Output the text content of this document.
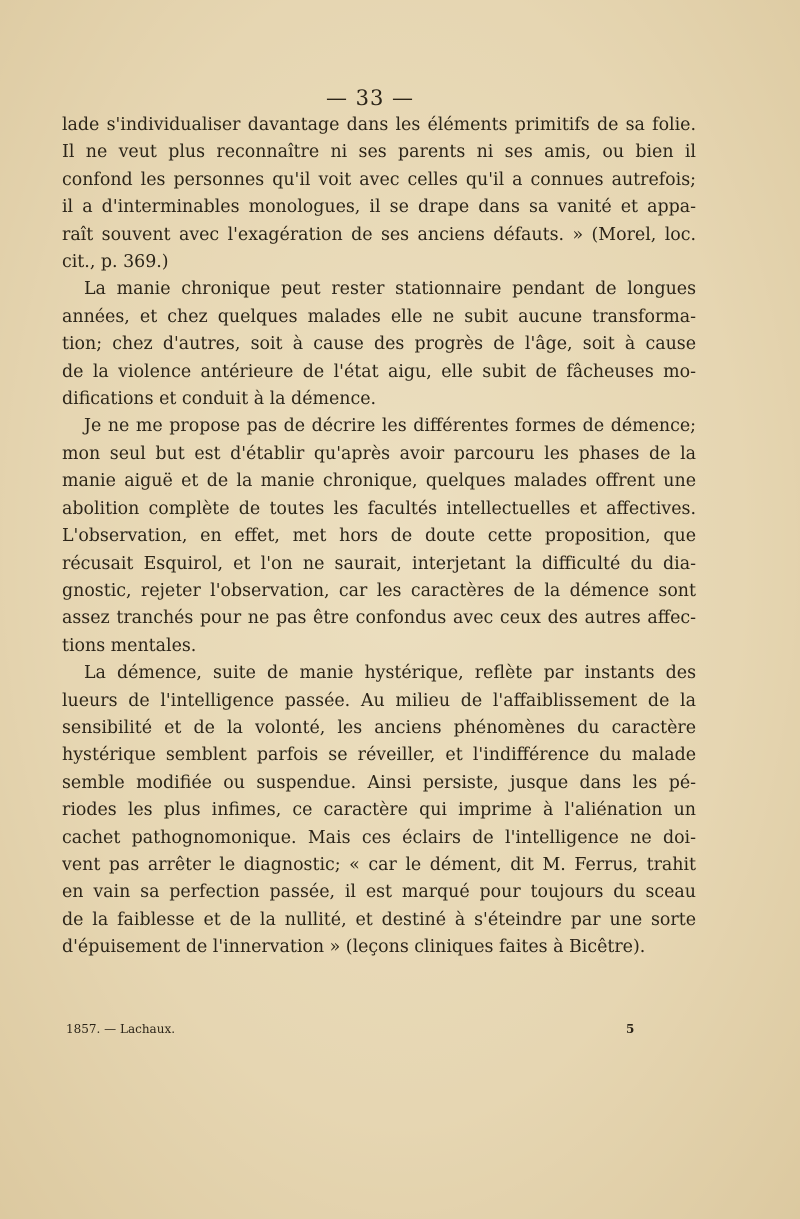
— 33 —
lade s'individualiser davantage dans les éléments primitifs de sa folie.
Il ne veut plus reconnaître ni ses parents ni ses amis, ou bien il
confond les personnes qu'il voit avec celles qu'il a connues autrefois;
il a d'interminables monologues, il se drape dans sa vanité et appa-
raît souvent avec l'exagération de ses anciens défauts. » (Morel, loc.
cit., p. 369.)
La manie chronique peut rester stationnaire pendant de longues
années, et chez quelques malades elle ne subit aucune transforma-
tion; chez d'autres, soit à cause des progrès de l'âge, soit à cause
de la violence antérieure de l'état aigu, elle subit de fâcheuses mo-
difications et conduit à la démence.
Je ne me propose pas de décrire les différentes formes de démence;
mon seul but est d'établir qu'après avoir parcouru les phases de la
manie aiguë et de la manie chronique, quelques malades offrent une
abolition complète de toutes les facultés intellectuelles et affectives.
L'observation, en effet, met hors de doute cette proposition, que
récusait Esquirol, et l'on ne saurait, interjetant la difficulté du dia-
gnostic, rejeter l'observation, car les caractères de la démence sont
assez tranchés pour ne pas être confondus avec ceux des autres affec-
tions mentales.
La démence, suite de manie hystérique, reflète par instants des
lueurs de l'intelligence passée. Au milieu de l'affaiblissement de la
sensibilité et de la volonté, les anciens phénomènes du caractère
hystérique semblent parfois se réveiller, et l'indifférence du malade
semble modifiée ou suspendue. Ainsi persiste, jusque dans les pé-
riodes les plus infimes, ce caractère qui imprime à l'aliénation un
cachet pathognomonique. Mais ces éclairs de l'intelligence ne doi-
vent pas arrêter le diagnostic; « car le dément, dit M. Ferrus, trahit
en vain sa perfection passée, il est marqué pour toujours du sceau
de la faiblesse et de la nullité, et destiné à s'éteindre par une sorte
d'épuisement de l'innervation » (leçons cliniques faites à Bicêtre).
1857. — Lachaux.	5
